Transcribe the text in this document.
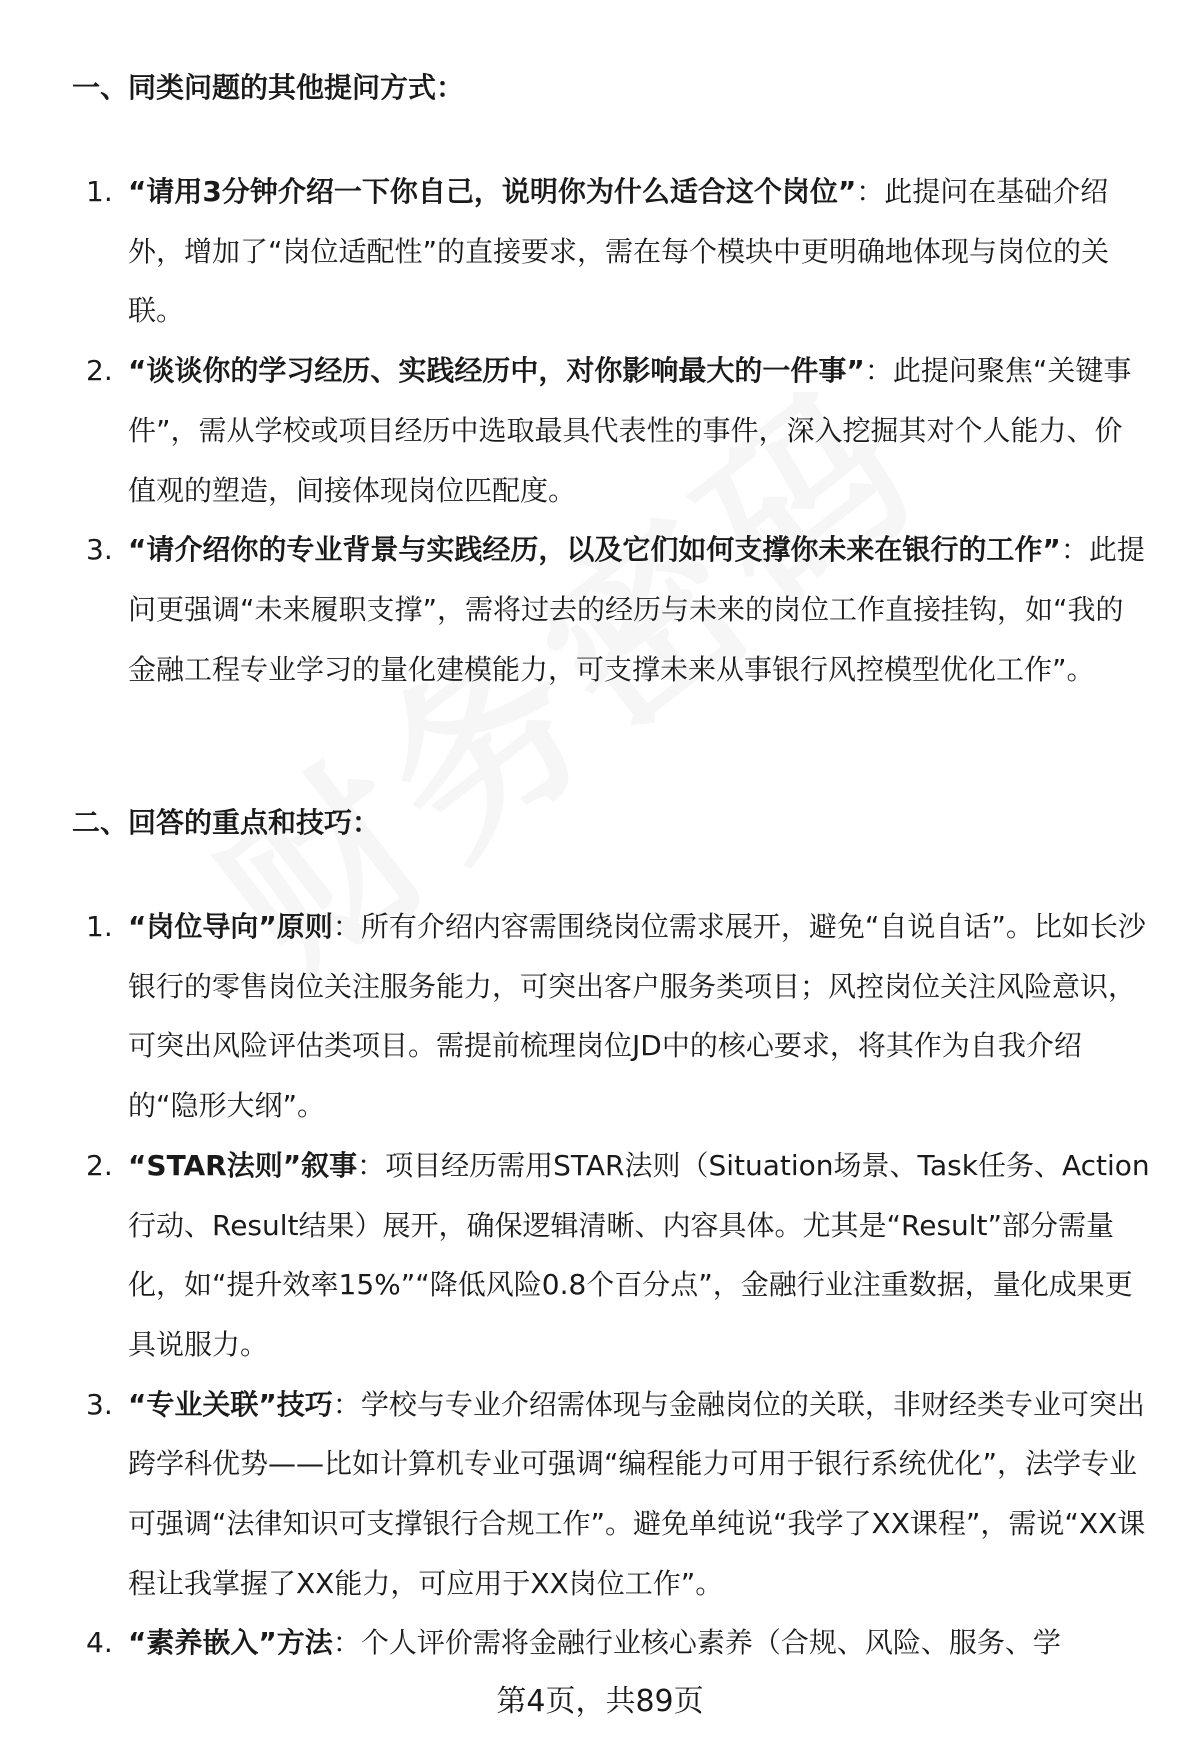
一、同类问题的其他提问方式：
1. “请用3分钟介绍一下你自己，说明你为什么适合这个岗位”：此提问在基础介绍外，增加了“岗位适配性”的直接要求，需在每个模块中更明确地体现与岗位的关联。
2. “谈谈你的学习经历、实践经历中，对你影响最大的一件事”：此提问聚焦“关键事件”，需从学校或项目经历中选取最具代表性的事件，深入挖掘其对个人能力、价值观的塑造，间接体现岗位匹配度。
3. “请介绍你的专业背景与实践经历，以及它们如何支撑你未来在银行的工作”：此提问更强调“未来履职支撑”，需将过去的经历与未来的岗位工作直接挂钩，如“我的金融工程专业学习的量化建模能力，可支撑未来从事银行风控模型优化工作”。
二、回答的重点和技巧：
1. “岗位导向”原则：所有介绍内容需围绕岗位需求展开，避免“自说自话”。比如长沙银行的零售岗位关注服务能力，可突出客户服务类项目；风控岗位关注风险意识，可突出风险评估类项目。需提前梳理岗位JD中的核心要求，将其作为自我介绍的“隐形大纲”。
2. “STAR法则”叙事：项目经历需用STAR法则（Situation场景、Task任务、Action行动、Result结果）展开，确保逻辑清晰、内容具体。尤其是“Result”部分需量化，如“提升效率15%”“降低风险0.8个百分点”，金融行业注重数据，量化成果更具说服力。
3. “专业关联”技巧：学校与专业介绍需体现与金融岗位的关联，非财经类专业可突出跨学科优势——比如计算机专业可强调“编程能力可用于银行系统优化”，法学专业可强调“法律知识可支撑银行合规工作”。避免单纯说“我学了XX课程”，需说“XX课程让我掌握了XX能力，可应用于XX岗位工作”。
4. “素养嵌入”方法：个人评价需将金融行业核心素养（合规、风险、服务、学
第4页，共89页
